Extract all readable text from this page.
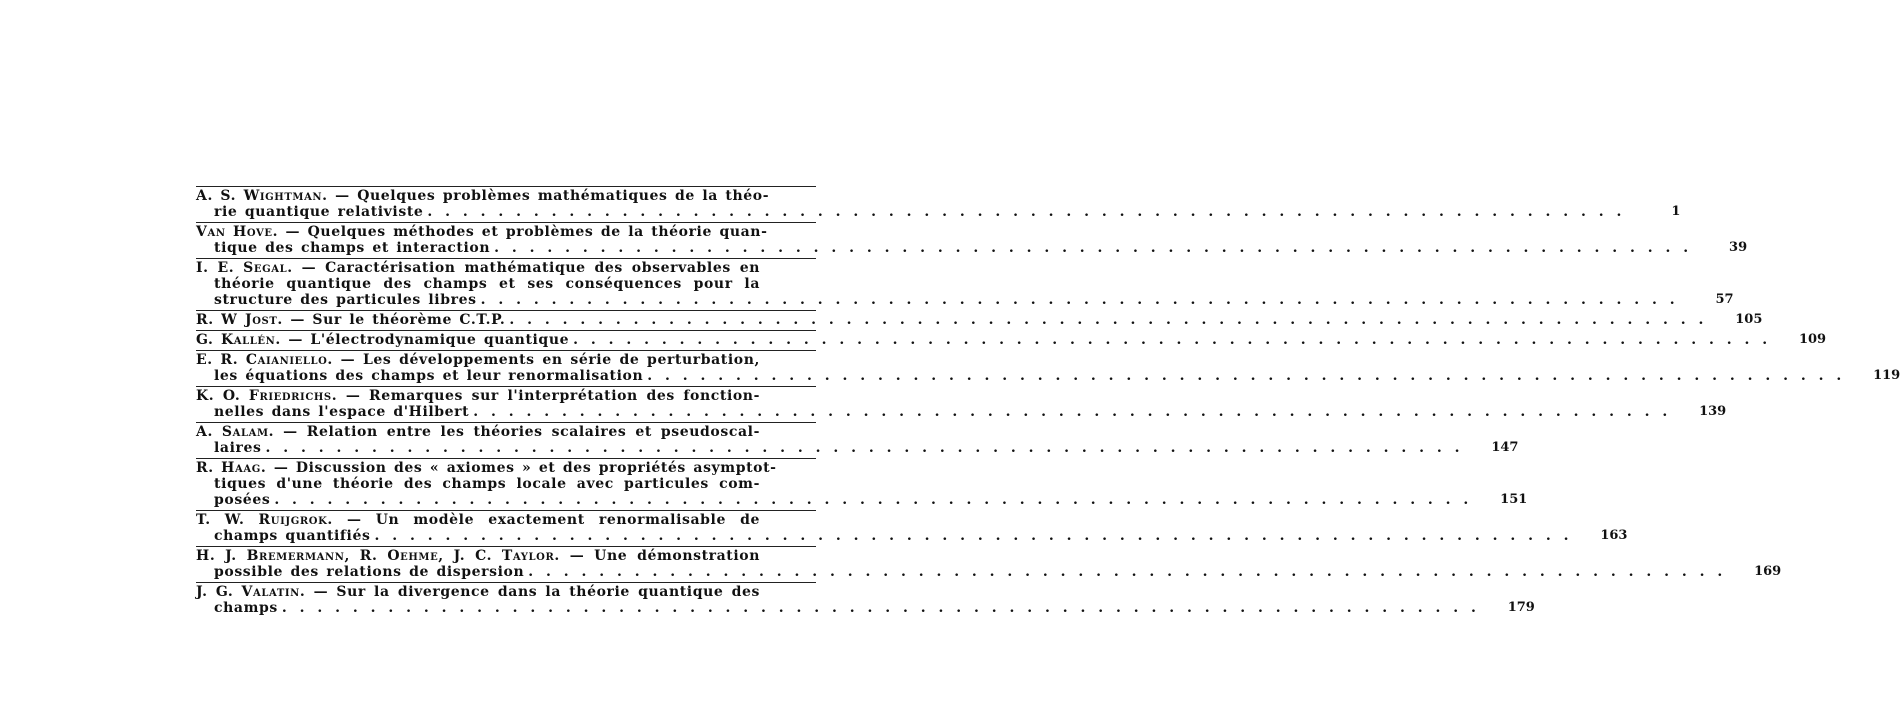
A. S. Wightman. — Quelques problèmes mathématiques de la théo-
rie quantique relativiste . . . . . . . . . . . . . . . . . . . . . . . . . . . . . . . . . . . . . . . . . . . . . . . . . . . . . . . . . . . . . . . . . . . .	1
Van Hove. — Quelques méthodes et problèmes de la théorie quan-
tique des champs et interaction . . . . . . . . . . . . . . . . . . . . . . . . . . . . . . . . . . . . . . . . . . . . . . . . . . . . . . . . . . . . . . . . . . . .	39
I. E. Segal. — Caractérisation mathématique des observables en
théorie quantique des champs et ses conséquences pour la
structure des particules libres . . . . . . . . . . . . . . . . . . . . . . . . . . . . . . . . . . . . . . . . . . . . . . . . . . . . . . . . . . . . . . . . . . . .	57
R. W Jost. — Sur le théorème C.T.P. . . . . . . . . . . . . . . . . . . . . . . . . . . . . . . . . . . . . . . . . . . . . . . . . . . . . . . . . . . . . . . . . . . . .	105
G. Kallén. — L'électrodynamique quantique . . . . . . . . . . . . . . . . . . . . . . . . . . . . . . . . . . . . . . . . . . . . . . . . . . . . . . . . . . . . . . . . . . . .	109
E. R. Caianiello. — Les développements en série de perturbation,
les équations des champs et leur renormalisation . . . . . . . . . . . . . . . . . . . . . . . . . . . . . . . . . . . . . . . . . . . . . . . . . . . . . . . . . . . . . . . . . . . .	119
K. O. Friedrichs. — Remarques sur l'interprétation des fonction-
nelles dans l'espace d'Hilbert . . . . . . . . . . . . . . . . . . . . . . . . . . . . . . . . . . . . . . . . . . . . . . . . . . . . . . . . . . . . . . . . . . . .	139
A. Salam. — Relation entre les théories scalaires et pseudoscal-
laires . . . . . . . . . . . . . . . . . . . . . . . . . . . . . . . . . . . . . . . . . . . . . . . . . . . . . . . . . . . . . . . . . . . .	147
R. Haag. — Discussion des « axiomes » et des propriétés asymptot-
tiques d'une théorie des champs locale avec particules com-
posées . . . . . . . . . . . . . . . . . . . . . . . . . . . . . . . . . . . . . . . . . . . . . . . . . . . . . . . . . . . . . . . . . . . .	151
T. W. Ruijgrok. — Un modèle exactement renormalisable de
champs quantifiés . . . . . . . . . . . . . . . . . . . . . . . . . . . . . . . . . . . . . . . . . . . . . . . . . . . . . . . . . . . . . . . . . . . .	163
H. J. Bremermann, R. Oehme, J. C. Taylor. — Une démonstration
possible des relations de dispersion . . . . . . . . . . . . . . . . . . . . . . . . . . . . . . . . . . . . . . . . . . . . . . . . . . . . . . . . . . . . . . . . . . . .	169
J. G. Valatin. — Sur la divergence dans la théorie quantique des
champs . . . . . . . . . . . . . . . . . . . . . . . . . . . . . . . . . . . . . . . . . . . . . . . . . . . . . . . . . . . . . . . . . . . .	179
